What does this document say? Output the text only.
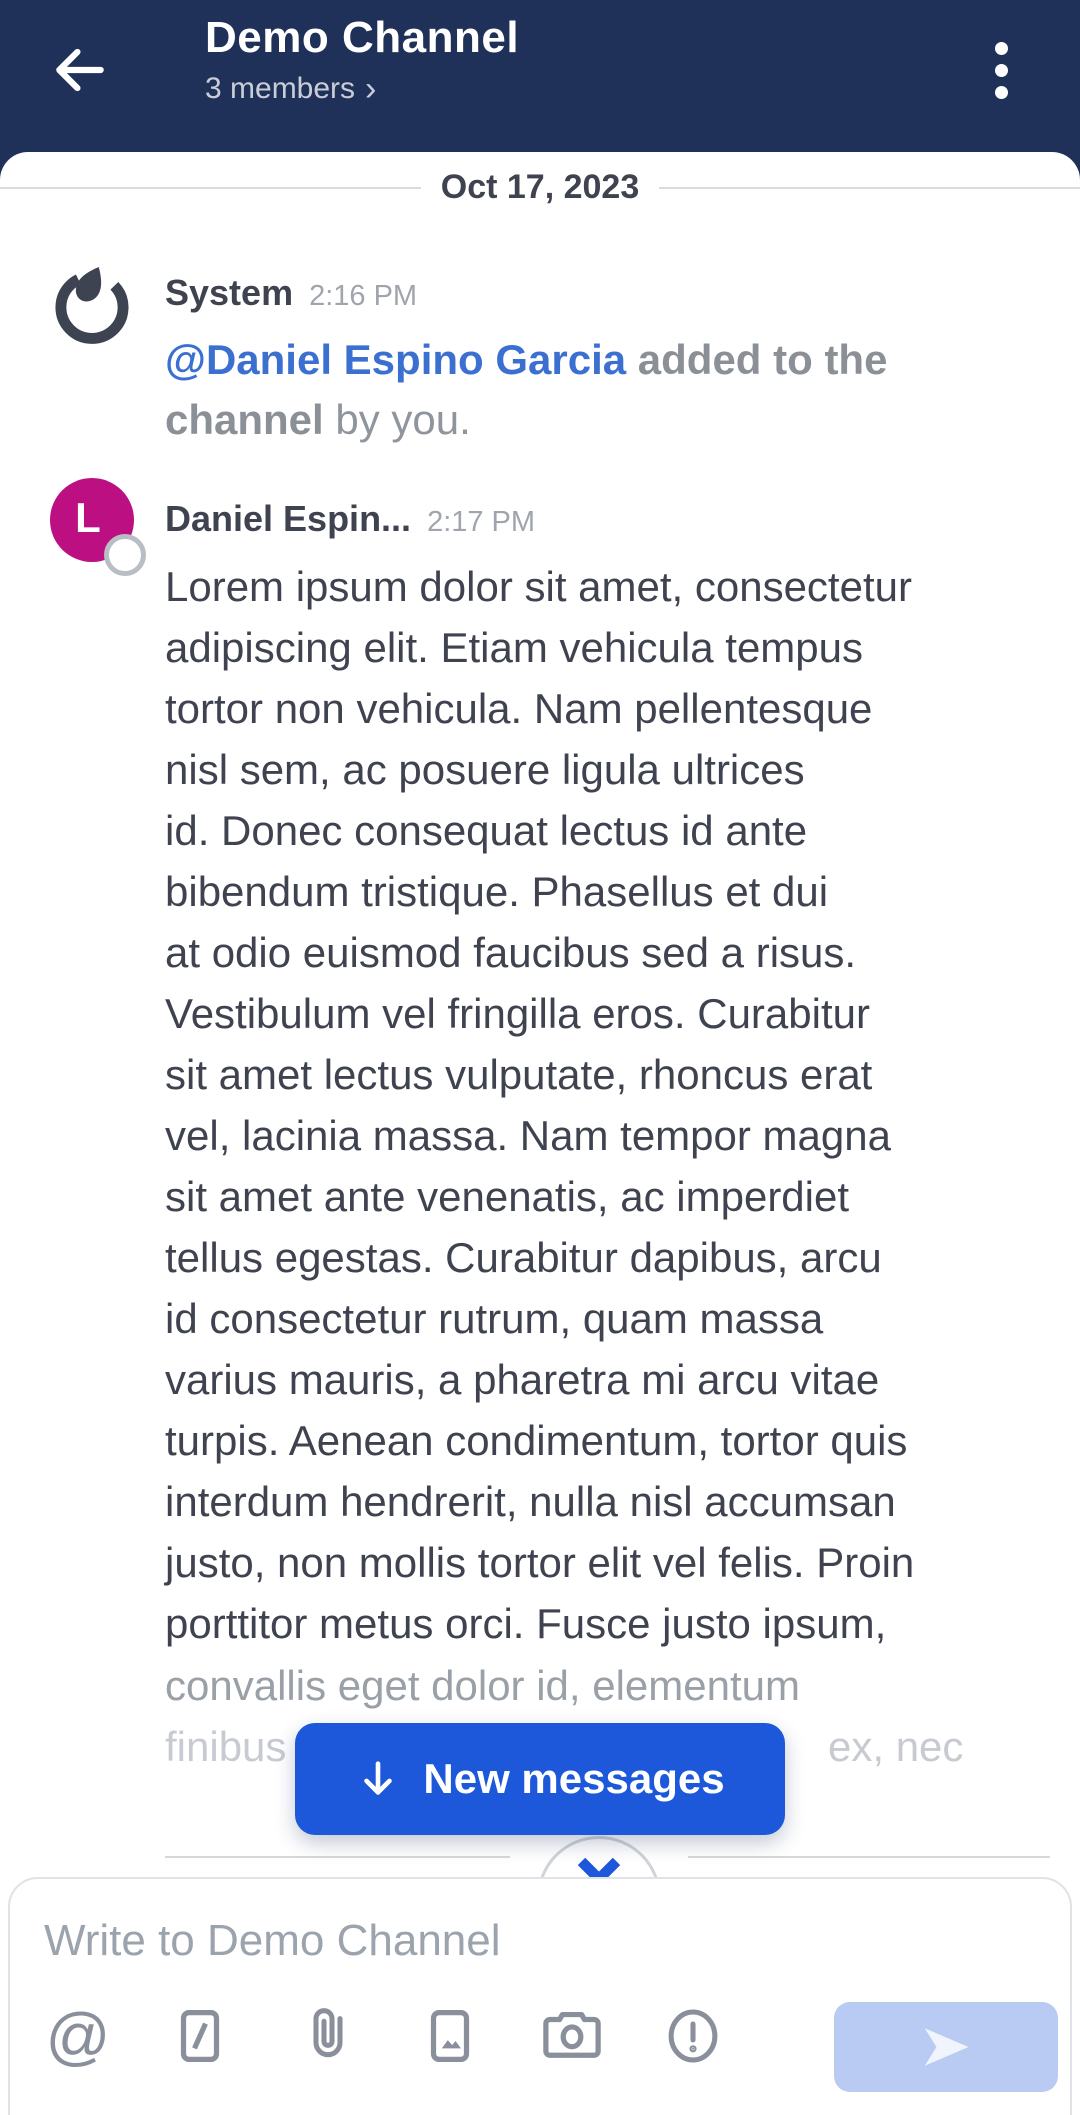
Demo Channel
3 members ›
Oct 17, 2023
System 2:16 PM
@Daniel Espino Garcia added to the
channel by you.
L Daniel Espin... 2:17 PM
Lorem ipsum dolor sit amet, consectetur
adipiscing elit. Etiam vehicula tempus
tortor non vehicula. Nam pellentesque
nisl sem, ac posuere ligula ultrices
id. Donec consequat lectus id ante
bibendum tristique. Phasellus et dui
at odio euismod faucibus sed a risus.
Vestibulum vel fringilla eros. Curabitur
sit amet lectus vulputate, rhoncus erat
vel, lacinia massa. Nam tempor magna
sit amet ante venenatis, ac imperdiet
tellus egestas. Curabitur dapibus, arcu
id consectetur rutrum, quam massa
varius mauris, a pharetra mi arcu vitae
turpis. Aenean condimentum, tortor quis
interdum hendrerit, nulla nisl accumsan
justo, non mollis tortor elit vel felis. Proin
porttitor metus orci. Fusce justo ipsum,
convallis eget dolor id, elementum
finibus	ex, nec
New messages
Write to Demo Channel
@
